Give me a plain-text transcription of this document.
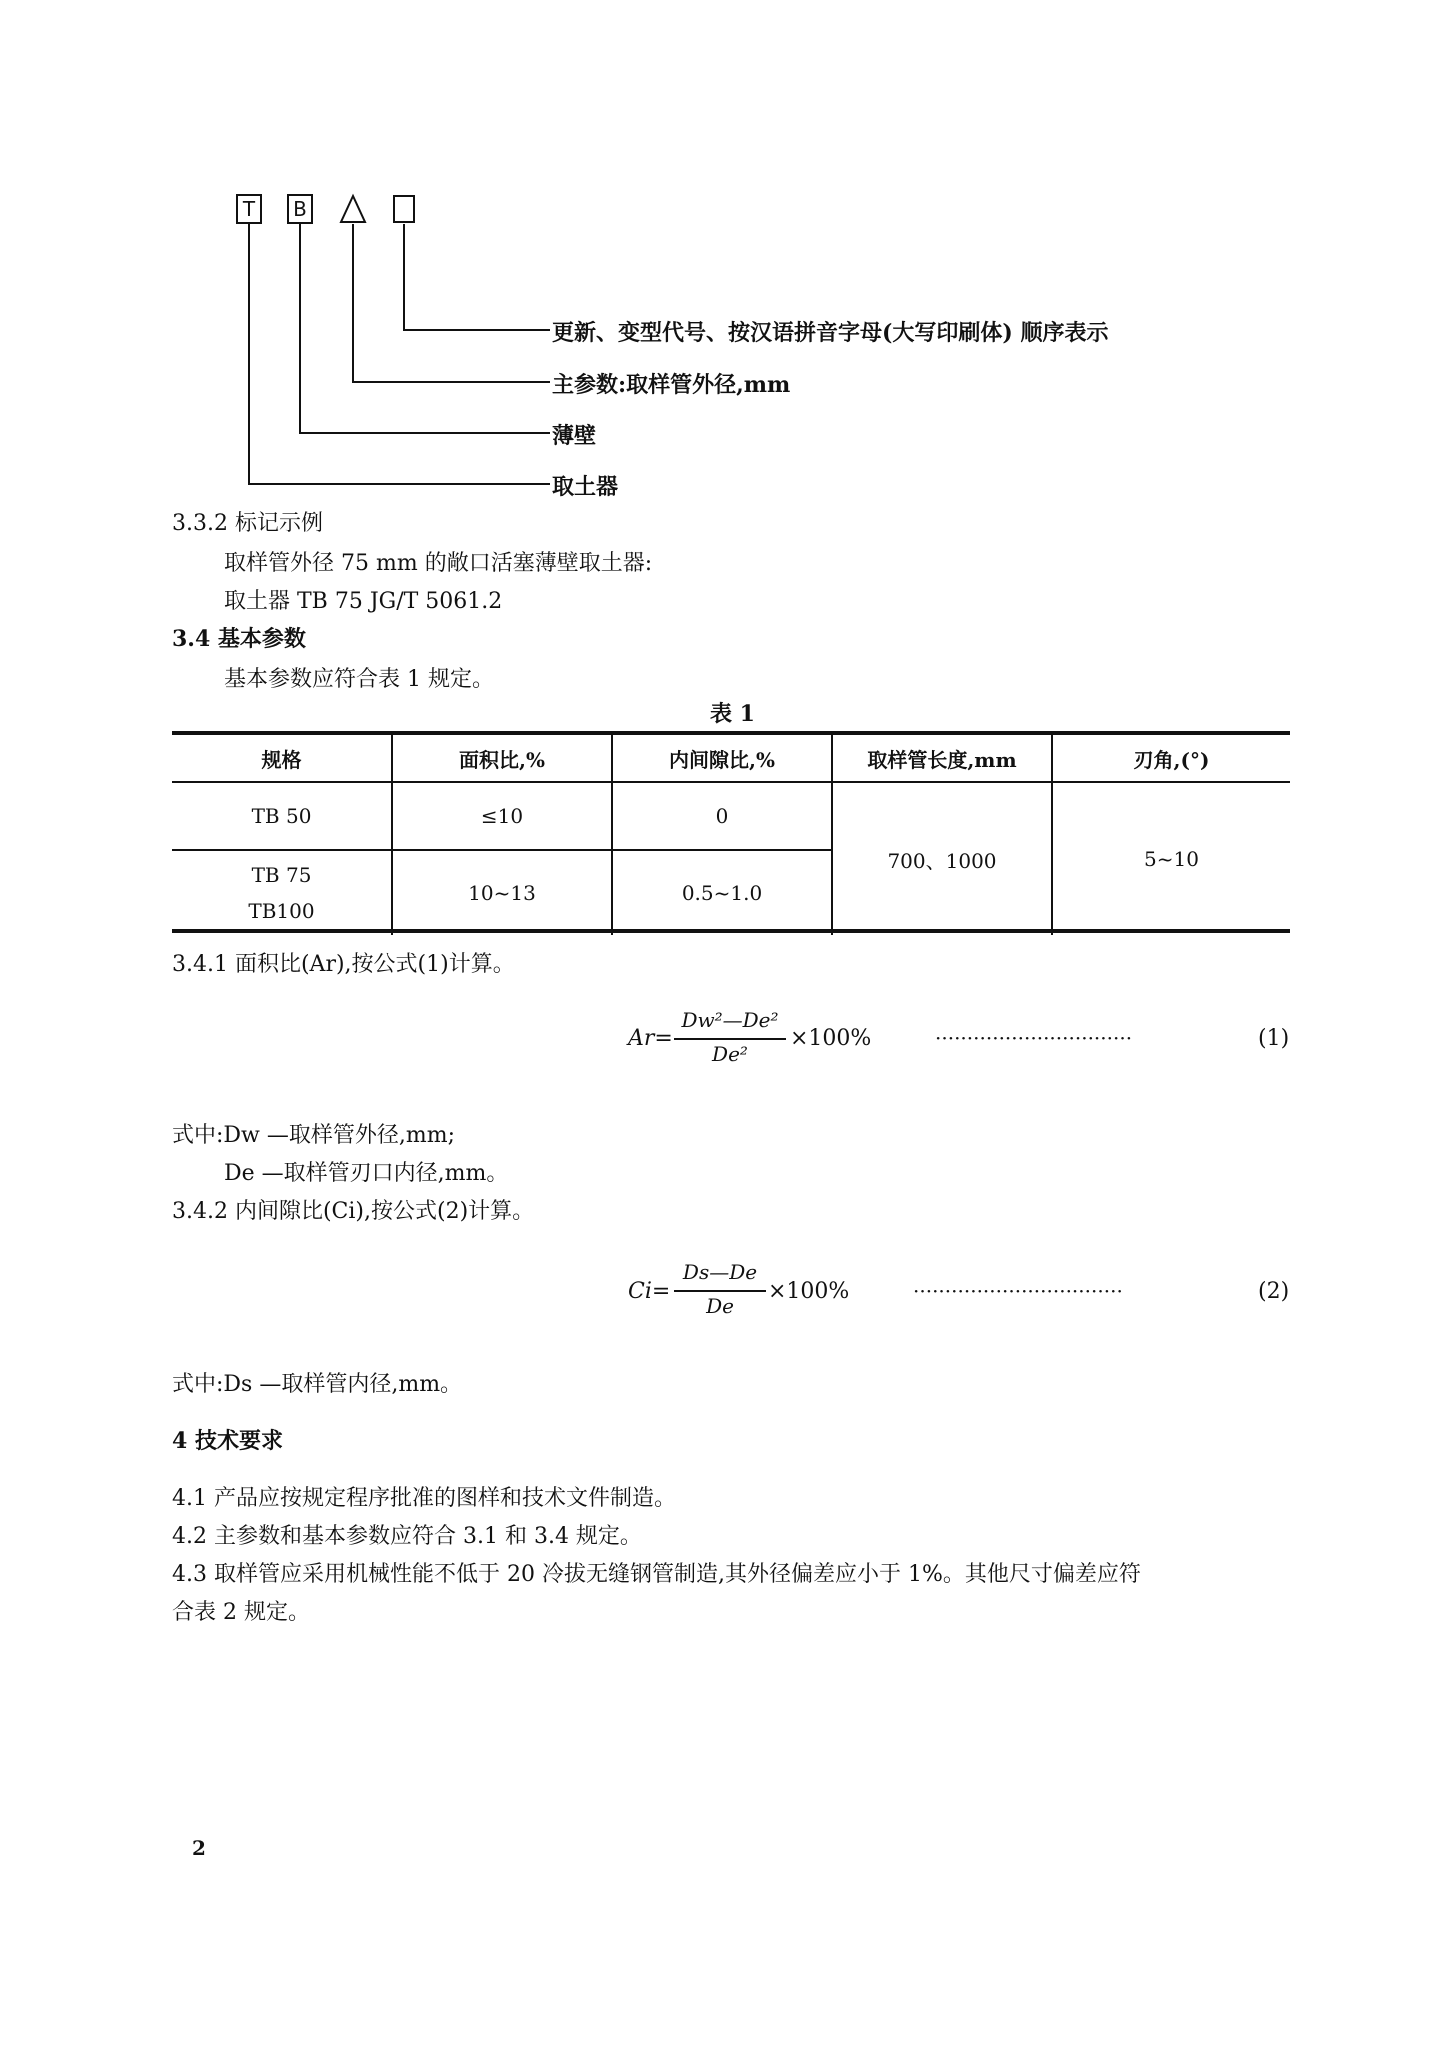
T	B
更新、变型代号、按汉语拼音字母(大写印刷体) 顺序表示
主参数:取样管外径,mm
薄壁
取土器
3.3.2 标记示例
取样管外径 75 mm 的敞口活塞薄壁取土器:
取土器 TB 75 JG/T 5061.2
3.4 基本参数
基本参数应符合表 1 规定。
表 1
规格	面积比,%	内间隙比,%	取样管长度,mm	刃角,(°)
TB 50	≤10	0	700、1000	5~10

TB 75
TB100	10~13	0.5~1.0		
3.4.1 面积比(Ar),按公式(1)计算。
Ar=
Dw²—De²
De²
×100%	·······························	(1)
式中:Dw —取样管外径,mm;
De —取样管刃口内径,mm。
3.4.2 内间隙比(Ci),按公式(2)计算。
Ci=
Ds—De
De
×100%	·································	(2)
式中:Ds —取样管内径,mm。
4 技术要求
4.1 产品应按规定程序批准的图样和技术文件制造。
4.2 主参数和基本参数应符合 3.1 和 3.4 规定。
4.3 取样管应采用机械性能不低于 20 冷拔无缝钢管制造,其外径偏差应小于 1%。其他尺寸偏差应符
合表 2 规定。
2
